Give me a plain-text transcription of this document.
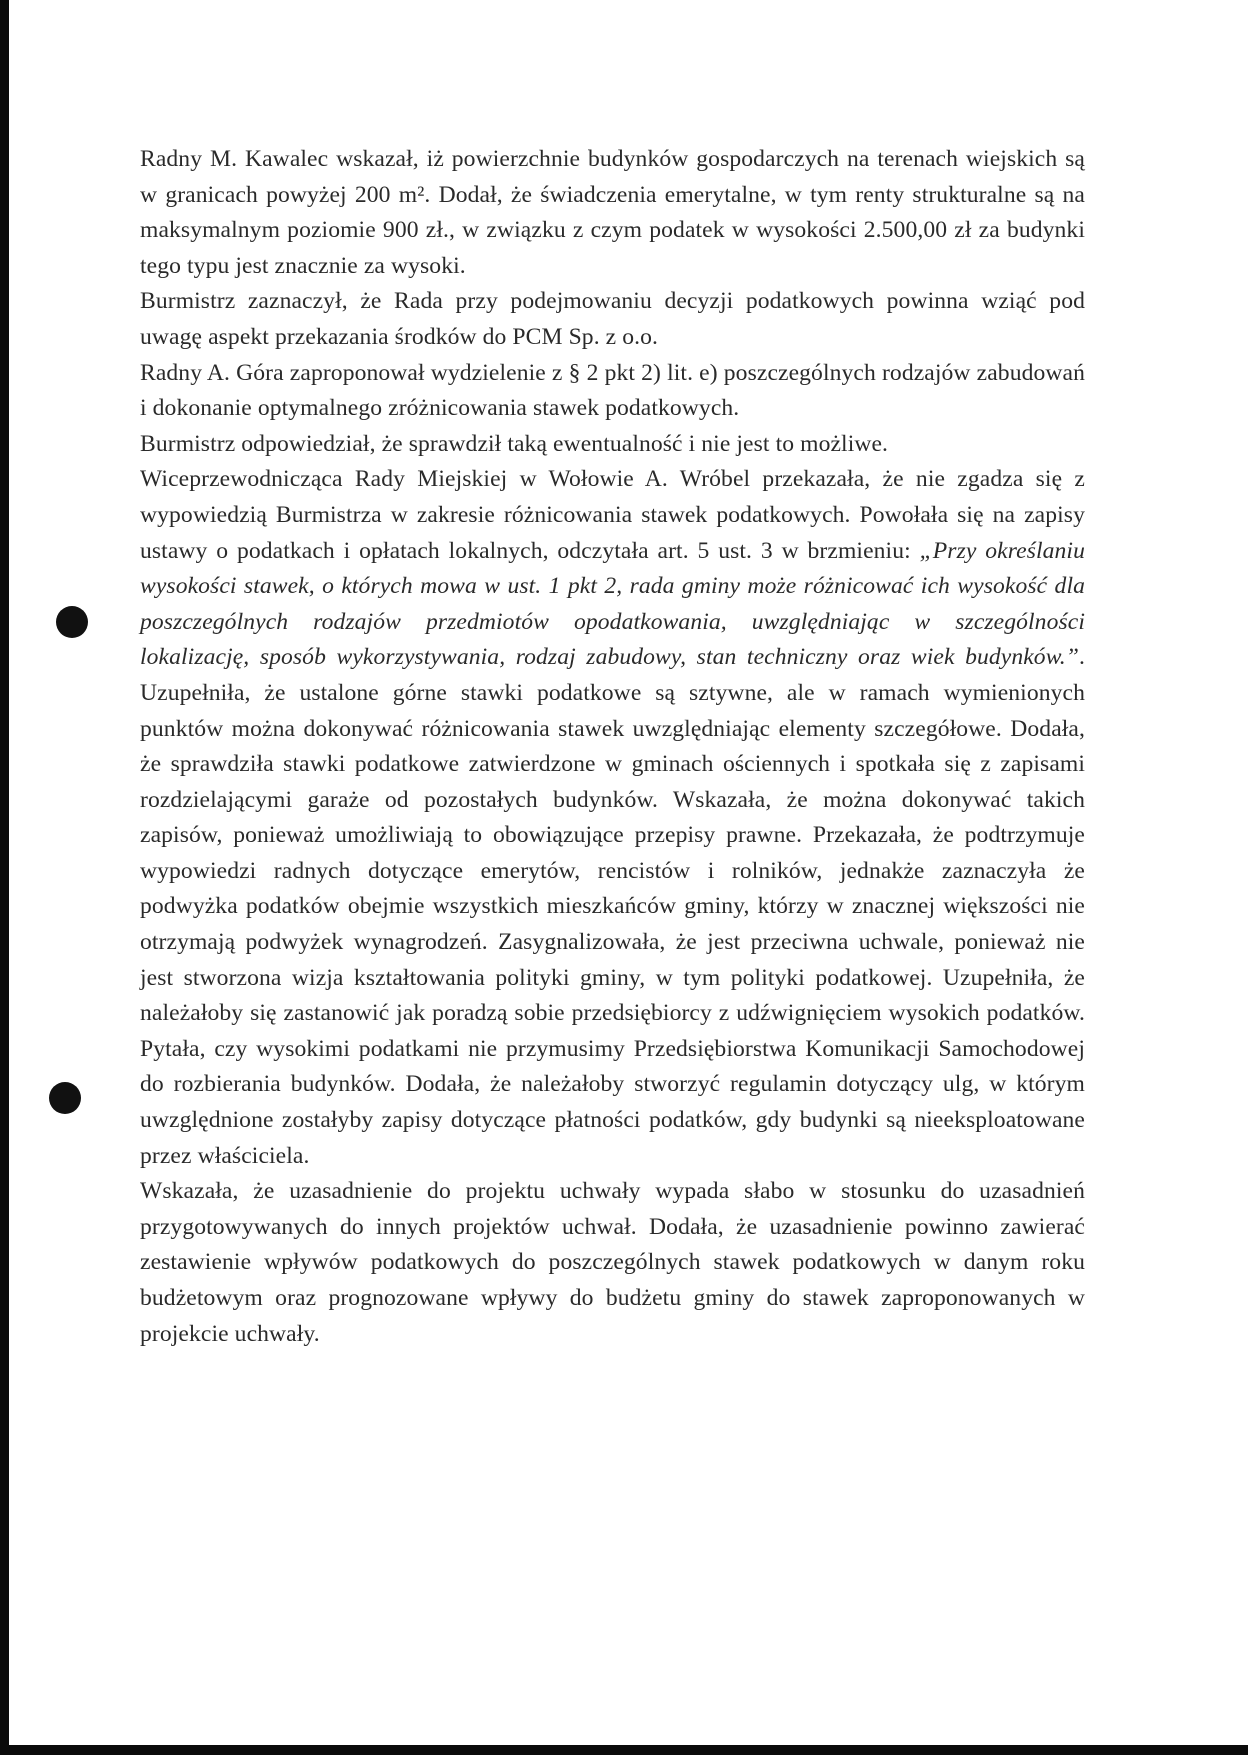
Radny M. Kawalec wskazał, iż powierzchnie budynków gospodarczych na terenach wiejskich są w granicach powyżej 200 m². Dodał, że świadczenia emerytalne, w tym renty strukturalne są na maksymalnym poziomie 900 zł., w związku z czym podatek w wysokości 2.500,00 zł za budynki tego typu jest znacznie za wysoki.

Burmistrz zaznaczył, że Rada przy podejmowaniu decyzji podatkowych powinna wziąć pod uwagę aspekt przekazania środków do PCM Sp. z o.o.

Radny A. Góra zaproponował wydzielenie z § 2 pkt 2) lit. e) poszczególnych rodzajów zabudowań i dokonanie optymalnego zróżnicowania stawek podatkowych.

Burmistrz odpowiedział, że sprawdził taką ewentualność i nie jest to możliwe.

Wiceprzewodnicząca Rady Miejskiej w Wołowie A. Wróbel przekazała, że nie zgadza się z wypowiedzią Burmistrza w zakresie różnicowania stawek podatkowych. Powołała się na zapisy ustawy o podatkach i opłatach lokalnych, odczytała art. 5 ust. 3 w brzmieniu: „Przy określaniu wysokości stawek, o których mowa w ust. 1 pkt 2, rada gminy może różnicować ich wysokość dla poszczególnych rodzajów przedmiotów opodatkowania, uwzględniając w szczególności lokalizację, sposób wykorzystywania, rodzaj zabudowy, stan techniczny oraz wiek budynków.”. Uzupełniła, że ustalone górne stawki podatkowe są sztywne, ale w ramach wymienionych punktów można dokonywać różnicowania stawek uwzględniając elementy szczegółowe. Dodała, że sprawdziła stawki podatkowe zatwierdzone w gminach ościennych i spotkała się z zapisami rozdzielającymi garaże od pozostałych budynków. Wskazała, że można dokonywać takich zapisów, ponieważ umożliwiają to obowiązujące przepisy prawne. Przekazała, że podtrzymuje wypowiedzi radnych dotyczące emerytów, rencistów i rolników, jednakże zaznaczyła że podwyżka podatków obejmie wszystkich mieszkańców gminy, którzy w znacznej większości nie otrzymają podwyżek wynagrodzeń. Zasygnalizowała, że jest przeciwna uchwale, ponieważ nie jest stworzona wizja kształtowania polityki gminy, w tym polityki podatkowej. Uzupełniła, że należałoby się zastanowić jak poradzą sobie przedsiębiorcy z udźwignięciem wysokich podatków. Pytała, czy wysokimi podatkami nie przymusimy Przedsiębiorstwa Komunikacji Samochodowej do rozbierania budynków. Dodała, że należałoby stworzyć regulamin dotyczący ulg, w którym uwzględnione zostałyby zapisy dotyczące płatności podatków, gdy budynki są nieeksploatowane przez właściciela.

Wskazała, że uzasadnienie do projektu uchwały wypada słabo w stosunku do uzasadnień przygotowywanych do innych projektów uchwał. Dodała, że uzasadnienie powinno zawierać zestawienie wpływów podatkowych do poszczególnych stawek podatkowych w danym roku budżetowym oraz prognozowane wpływy do budżetu gminy do stawek zaproponowanych w projekcie uchwały.
